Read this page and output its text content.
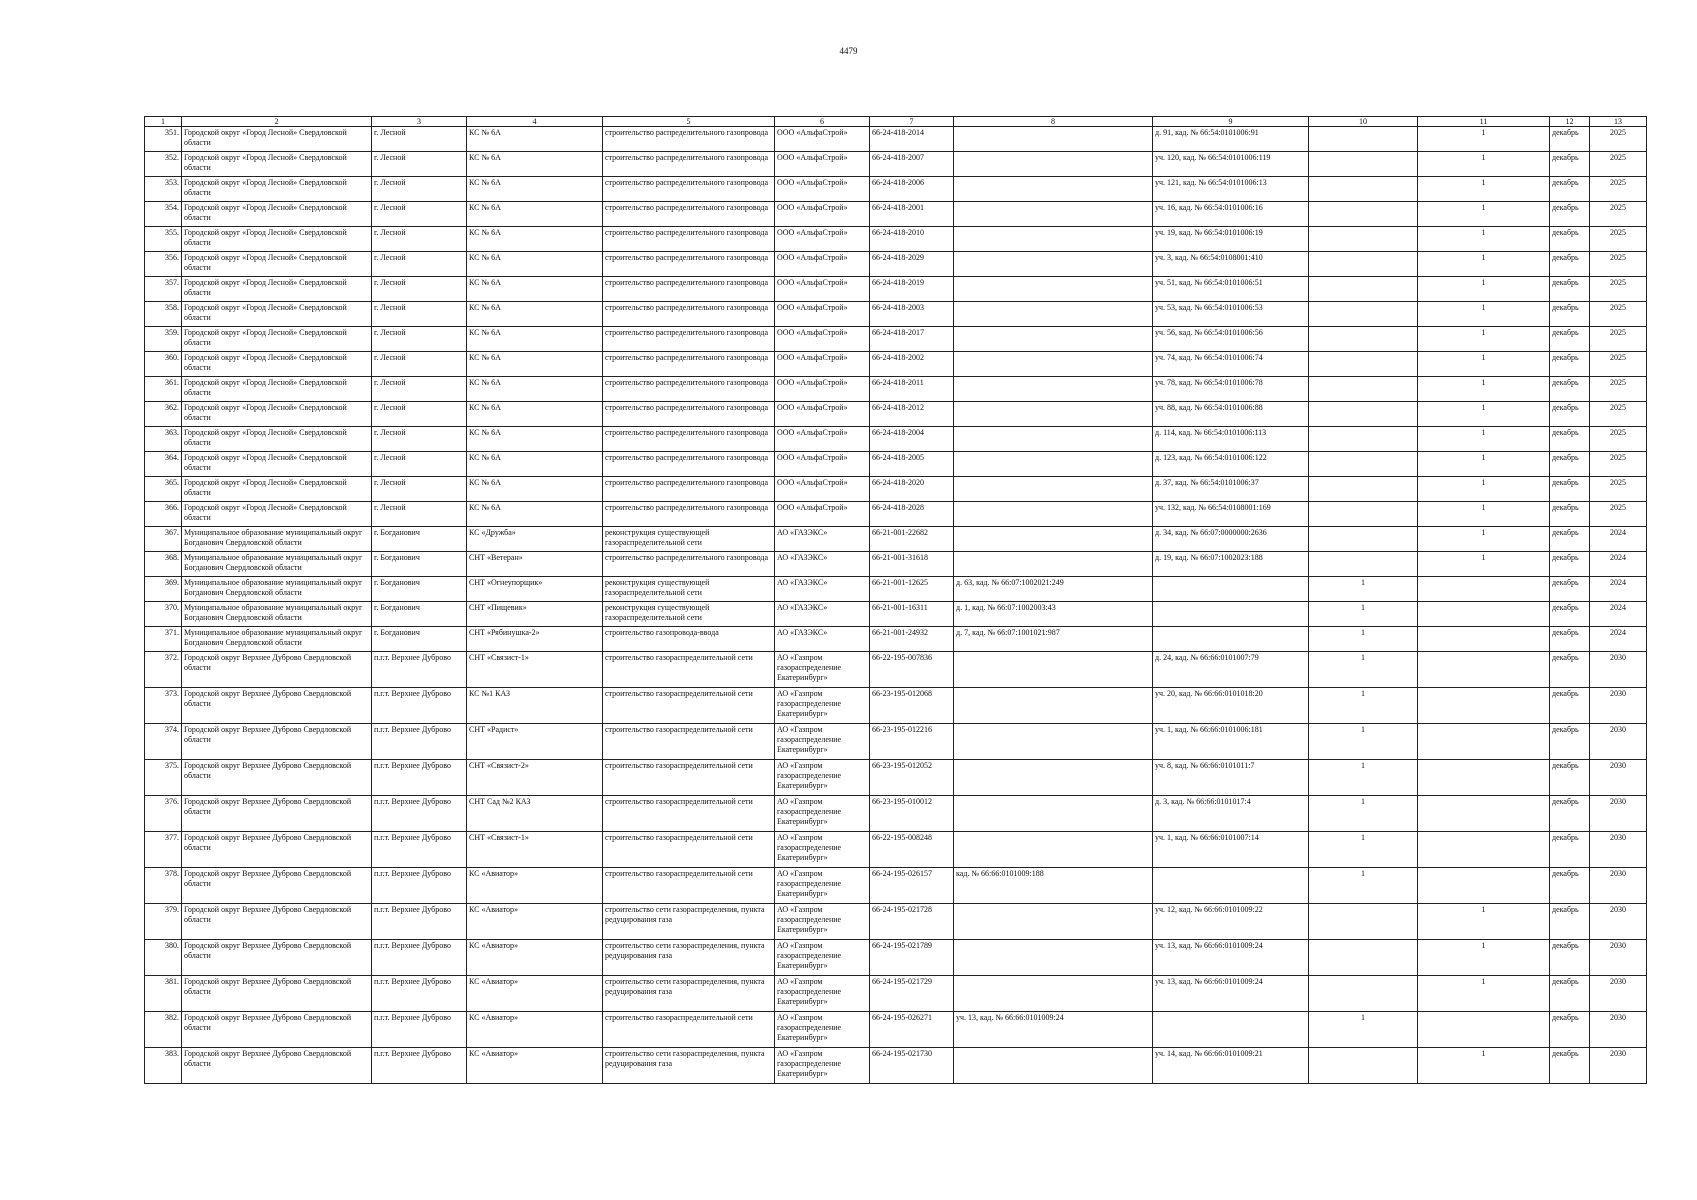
4479
1	2	3	4	5	6	7	8	9	10	11	12	13
351.	Городской округ «Город Лесной» Свердловской области	г. Лесной	КС № 6А	строительство распределительного газопровода	ООО «АльфаСтрой»	66-24-418-2014		д. 91, кад. № 66:54:0101006:91		1	декабрь	2025
352.	Городской округ «Город Лесной» Свердловской области	г. Лесной	КС № 6А	строительство распределительного газопровода	ООО «АльфаСтрой»	66-24-418-2007		уч. 120, кад. № 66:54:0101006:119		1	декабрь	2025
353.	Городской округ «Город Лесной» Свердловской области	г. Лесной	КС № 6А	строительство распределительного газопровода	ООО «АльфаСтрой»	66-24-418-2006		уч. 121, кад. № 66:54:0101006:13		1	декабрь	2025
354.	Городской округ «Город Лесной» Свердловской области	г. Лесной	КС № 6А	строительство распределительного газопровода	ООО «АльфаСтрой»	66-24-418-2001		уч. 16, кад. № 66:54:0101006:16		1	декабрь	2025
355.	Городской округ «Город Лесной» Свердловской области	г. Лесной	КС № 6А	строительство распределительного газопровода	ООО «АльфаСтрой»	66-24-418-2010		уч. 19, кад. № 66:54:0101006:19		1	декабрь	2025
356.	Городской округ «Город Лесной» Свердловской области	г. Лесной	КС № 6А	строительство распределительного газопровода	ООО «АльфаСтрой»	66-24-418-2029		уч. 3, кад. № 66:54:0108001:410		1	декабрь	2025
357.	Городской округ «Город Лесной» Свердловской области	г. Лесной	КС № 6А	строительство распределительного газопровода	ООО «АльфаСтрой»	66-24-418-2019		уч. 51, кад. № 66:54:0101006:51		1	декабрь	2025
358.	Городской округ «Город Лесной» Свердловской области	г. Лесной	КС № 6А	строительство распределительного газопровода	ООО «АльфаСтрой»	66-24-418-2003		уч. 53, кад. № 66:54:0101006:53		1	декабрь	2025
359.	Городской округ «Город Лесной» Свердловской области	г. Лесной	КС № 6А	строительство распределительного газопровода	ООО «АльфаСтрой»	66-24-418-2017		уч. 56, кад. № 66:54:0101006:56		1	декабрь	2025
360.	Городской округ «Город Лесной» Свердловской области	г. Лесной	КС № 6А	строительство распределительного газопровода	ООО «АльфаСтрой»	66-24-418-2002		уч. 74, кад. № 66:54:0101006:74		1	декабрь	2025
361.	Городской округ «Город Лесной» Свердловской области	г. Лесной	КС № 6А	строительство распределительного газопровода	ООО «АльфаСтрой»	66-24-418-2011		уч. 78, кад. № 66:54:0101006:78		1	декабрь	2025
362.	Городской округ «Город Лесной» Свердловской области	г. Лесной	КС № 6А	строительство распределительного газопровода	ООО «АльфаСтрой»	66-24-418-2012		уч. 88, кад. № 66:54:0101006:88		1	декабрь	2025
363.	Городской округ «Город Лесной» Свердловской области	г. Лесной	КС № 6А	строительство распределительного газопровода	ООО «АльфаСтрой»	66-24-418-2004		д. 114, кад. № 66:54:0101006:113		1	декабрь	2025
364.	Городской округ «Город Лесной» Свердловской области	г. Лесной	КС № 6А	строительство распределительного газопровода	ООО «АльфаСтрой»	66-24-418-2005		д. 123, кад. № 66:54:0101006:122		1	декабрь	2025
365.	Городской округ «Город Лесной» Свердловской области	г. Лесной	КС № 6А	строительство распределительного газопровода	ООО «АльфаСтрой»	66-24-418-2020		д. 37, кад. № 66:54:0101006:37		1	декабрь	2025
366.	Городской округ «Город Лесной» Свердловской области	г. Лесной	КС № 6А	строительство распределительного газопровода	ООО «АльфаСтрой»	66-24-418-2028		уч. 132, кад. № 66:54:0108001:169		1	декабрь	2025
367.	Муниципальное образование муниципальный округ Богданович Свердловской области	г. Богданович	КС «Дружба»	реконструкция существующей газораспределительной сети	АО «ГАЗЭКС»	66-21-001-22682		д. 34, кад. № 66:07:0000000:2636		1	декабрь	2024
368.	Муниципальное образование муниципальный округ Богданович Свердловской области	г. Богданович	СНТ «Ветеран»	строительство распределительного газопровода	АО «ГАЗЭКС»	66-21-001-31618		д. 19, кад. № 66:07:1002023:188		1	декабрь	2024
369.	Муниципальное образование муниципальный округ Богданович Свердловской области	г. Богданович	СНТ «Огнеупорщик»	реконструкция существующей газораспределительной сети	АО «ГАЗЭКС»	66-21-001-12625	д. 63, кад. № 66:07:1002021:249		1		декабрь	2024
370.	Муниципальное образование муниципальный округ Богданович Свердловской области	г. Богданович	СНТ «Пищевик»	реконструкция существующей газораспределительной сети	АО «ГАЗЭКС»	66-21-001-16311	д. 1, кад. № 66:07:1002003:43		1		декабрь	2024
371.	Муниципальное образование муниципальный округ Богданович Свердловской области	г. Богданович	СНТ «Рябинушка-2»	строительство газопровода-ввода	АО «ГАЗЭКС»	66-21-001-24932	д. 7, кад. № 66:07:1001021:987		1		декабрь	2024
372.	Городской округ Верхнее Дуброво Свердловской области	п.г.т. Верхнее Дуброво	СНТ «Связист-1»	строительство газораспределительной сети	АО «Газпром газораспределение Екатеринбург»	66-22-195-007836		д. 24, кад. № 66:66:0101007:79	1		декабрь	2030
373.	Городской округ Верхнее Дуброво Свердловской области	п.г.т. Верхнее Дуброво	КС №1 КАЗ	строительство газораспределительной сети	АО «Газпром газораспределение Екатеринбург»	66-23-195-012068		уч. 20, кад. № 66:66:0101018:20	1		декабрь	2030
374.	Городской округ Верхнее Дуброво Свердловской области	п.г.т. Верхнее Дуброво	СНТ «Радист»	строительство газораспределительной сети	АО «Газпром газораспределение Екатеринбург»	66-23-195-012216		уч. 1, кад. № 66:66:0101006:181	1		декабрь	2030
375.	Городской округ Верхнее Дуброво Свердловской области	п.г.т. Верхнее Дуброво	СНТ «Связист-2»	строительство газораспределительной сети	АО «Газпром газораспределение Екатеринбург»	66-23-195-012052		уч. 8, кад. № 66:66:0101011:7	1		декабрь	2030
376.	Городской округ Верхнее Дуброво Свердловской области	п.г.т. Верхнее Дуброво	СНТ Сад №2 КАЗ	строительство газораспределительной сети	АО «Газпром газораспределение Екатеринбург»	66-23-195-010012		д. 3, кад. № 66:66:0101017:4	1		декабрь	2030
377.	Городской округ Верхнее Дуброво Свердловской области	п.г.т. Верхнее Дуброво	СНТ «Связист-1»	строительство газораспределительной сети	АО «Газпром газораспределение Екатеринбург»	66-22-195-008248		уч. 1, кад. № 66:66:0101007:14	1		декабрь	2030
378.	Городской округ Верхнее Дуброво Свердловской области	п.г.т. Верхнее Дуброво	КС «Авиатор»	строительство газораспределительной сети	АО «Газпром газораспределение Екатеринбург»	66-24-195-026157	кад. № 66:66:0101009:188		1		декабрь	2030
379.	Городской округ Верхнее Дуброво Свердловской области	п.г.т. Верхнее Дуброво	КС «Авиатор»	строительство сети газораспределения, пункта редуцирования газа	АО «Газпром газораспределение Екатеринбург»	66-24-195-021728		уч. 12, кад. № 66:66:0101009:22		1	декабрь	2030
380.	Городской округ Верхнее Дуброво Свердловской области	п.г.т. Верхнее Дуброво	КС «Авиатор»	строительство сети газораспределения, пункта редуцирования газа	АО «Газпром газораспределение Екатеринбург»	66-24-195-021789		уч. 13, кад. № 66:66:0101009:24		1	декабрь	2030
381.	Городской округ Верхнее Дуброво Свердловской области	п.г.т. Верхнее Дуброво	КС «Авиатор»	строительство сети газораспределения, пункта редуцирования газа	АО «Газпром газораспределение Екатеринбург»	66-24-195-021729		уч. 13, кад. № 66:66:0101009:24		1	декабрь	2030
382.	Городской округ Верхнее Дуброво Свердловской области	п.г.т. Верхнее Дуброво	КС «Авиатор»	строительство газораспределительной сети	АО «Газпром газораспределение Екатеринбург»	66-24-195-026271	уч. 13, кад. № 66:66:0101009:24		1		декабрь	2030
383.	Городской округ Верхнее Дуброво Свердловской области	п.г.т. Верхнее Дуброво	КС «Авиатор»	строительство сети газораспределения, пункта редуцирования газа	АО «Газпром газораспределение Екатеринбург»	66-24-195-021730		уч. 14, кад. № 66:66:0101009:21		1	декабрь	2030
